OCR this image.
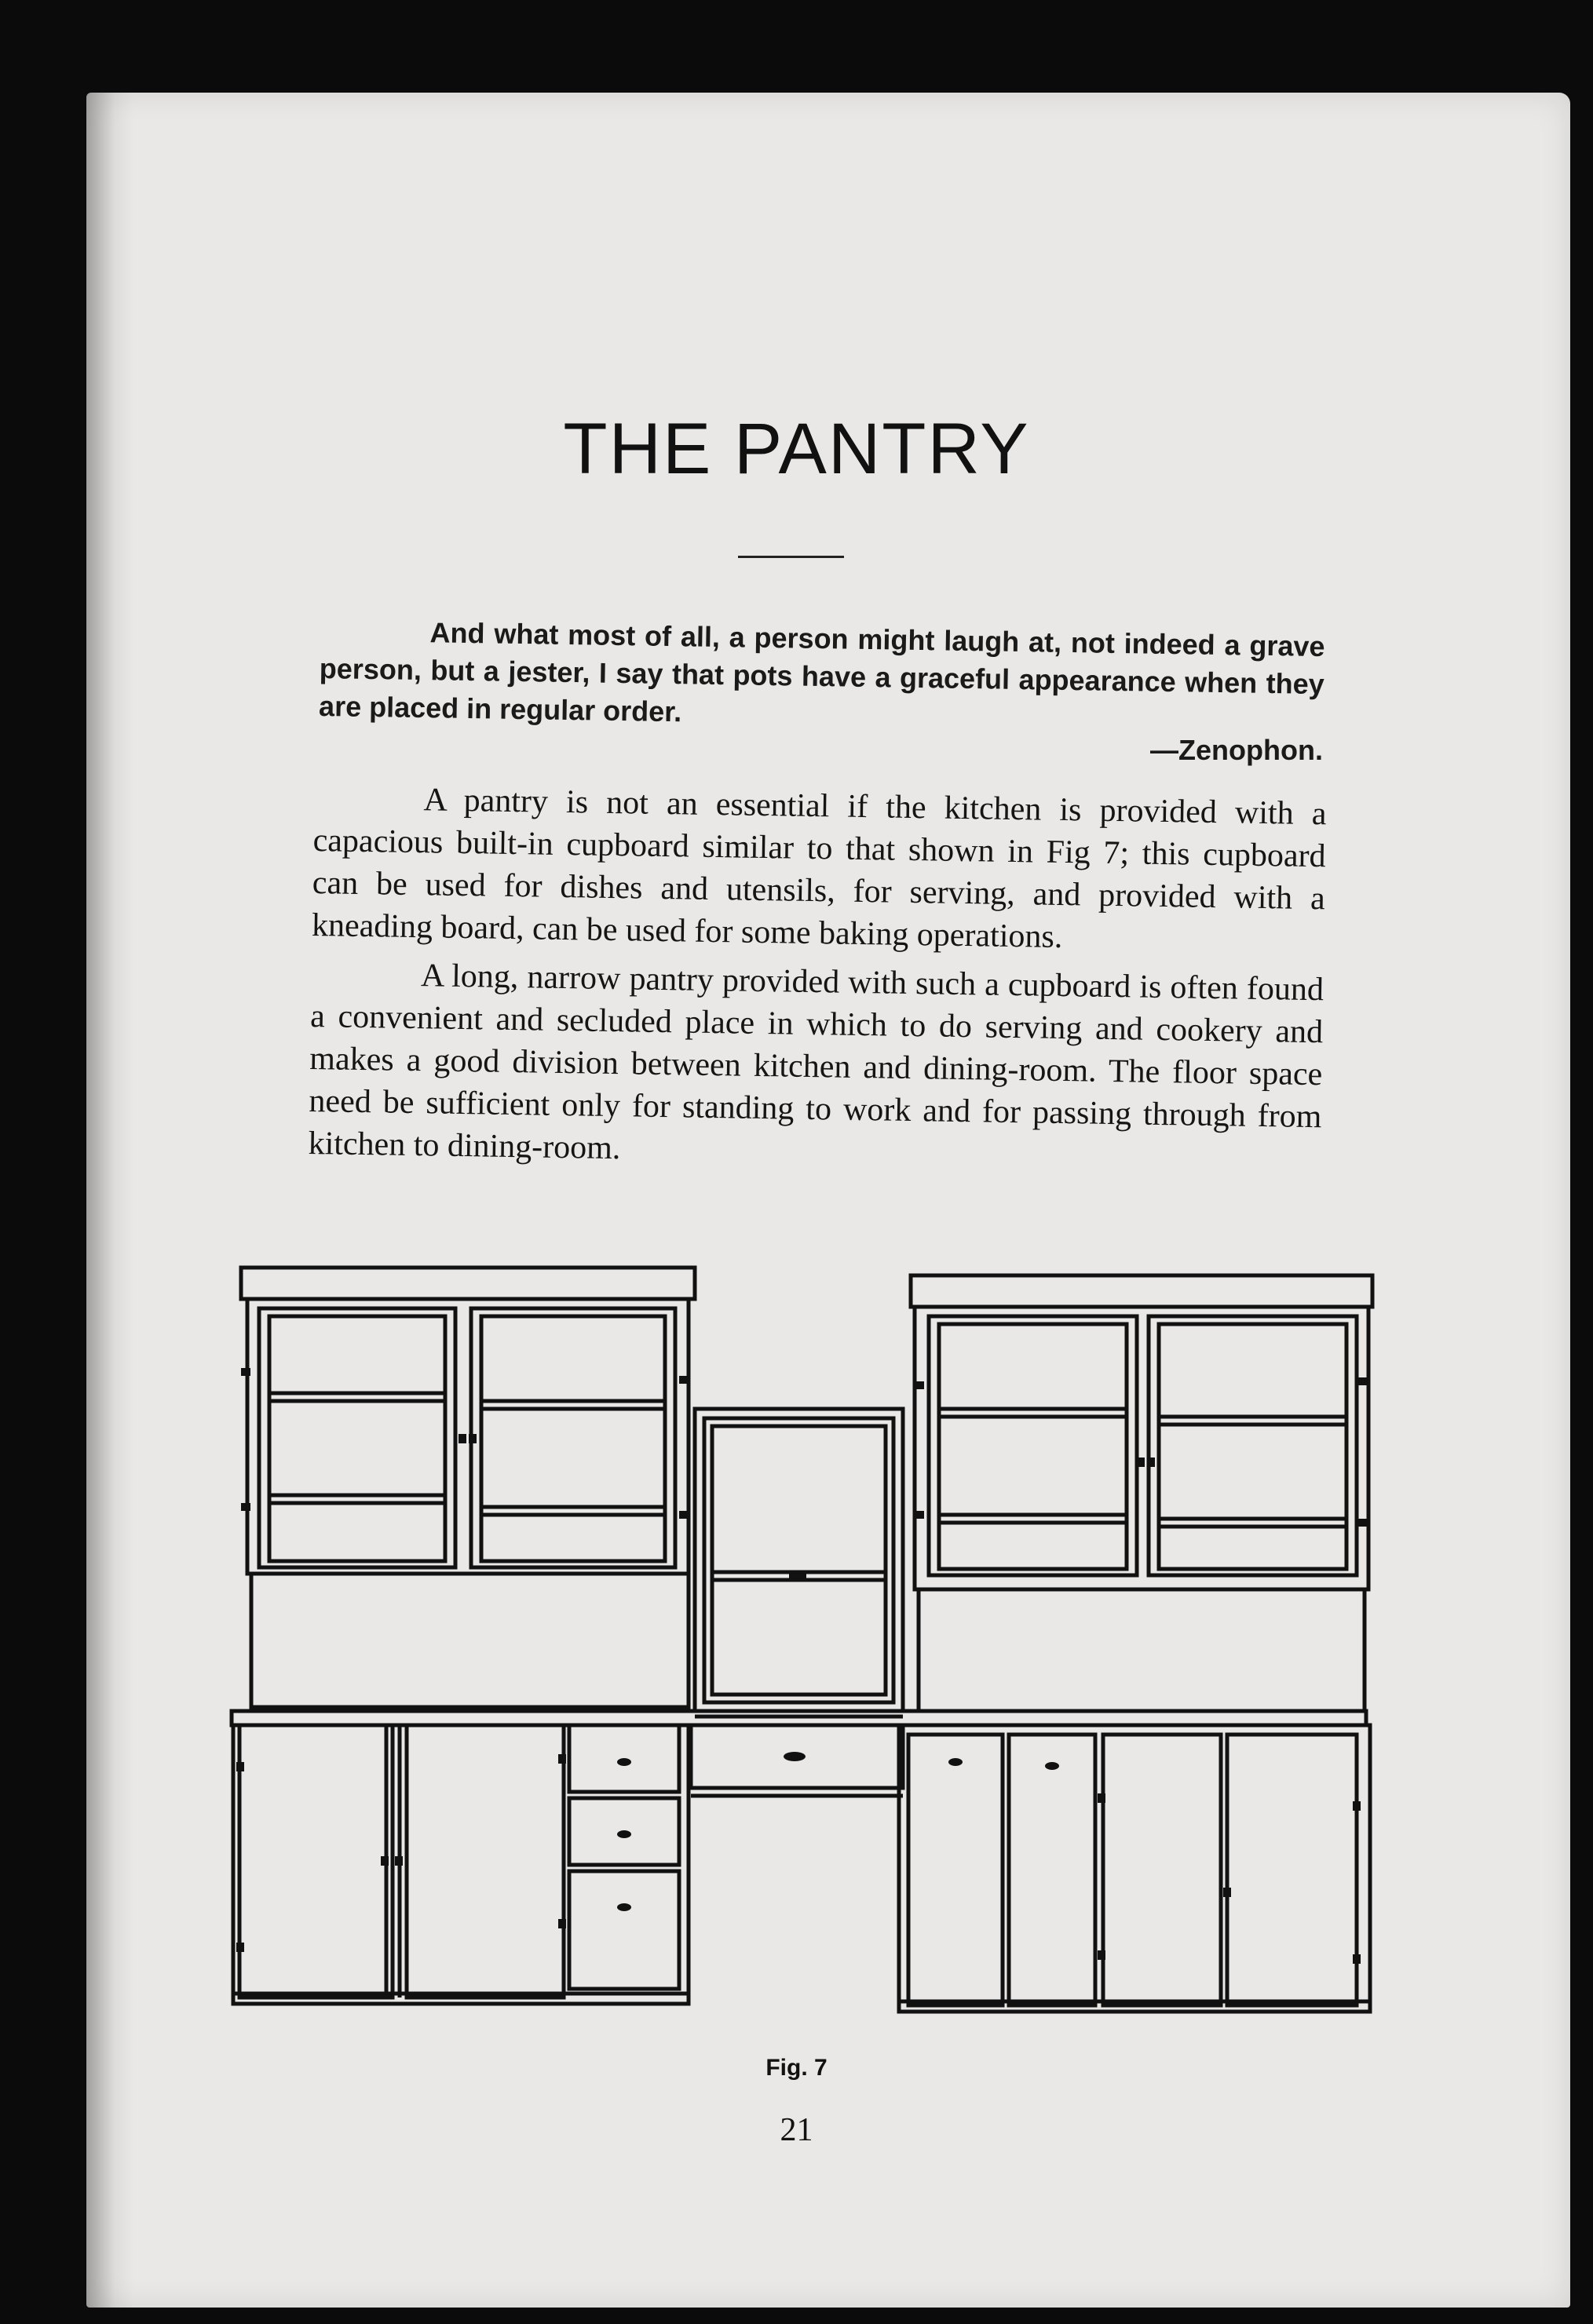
THE PANTRY

And what most of all, a person might laugh at, not indeed a grave person, but a jester, I say that pots have a graceful appearance when they are placed in regular order.

—Zenophon.

A pantry is not an essential if the kitchen is provided with a capacious built-in cupboard similar to that shown in Fig 7; this cupboard can be used for dishes and utensils, for serving, and provided with a kneading board, can be used for some baking operations.

A long, narrow pantry provided with such a cupboard is often found a convenient and secluded place in which to do serving and cookery and makes a good division between kitchen and dining-room. The floor space need be sufficient only for standing to work and for passing through from kitchen to dining-room.

Fig. 7

21
